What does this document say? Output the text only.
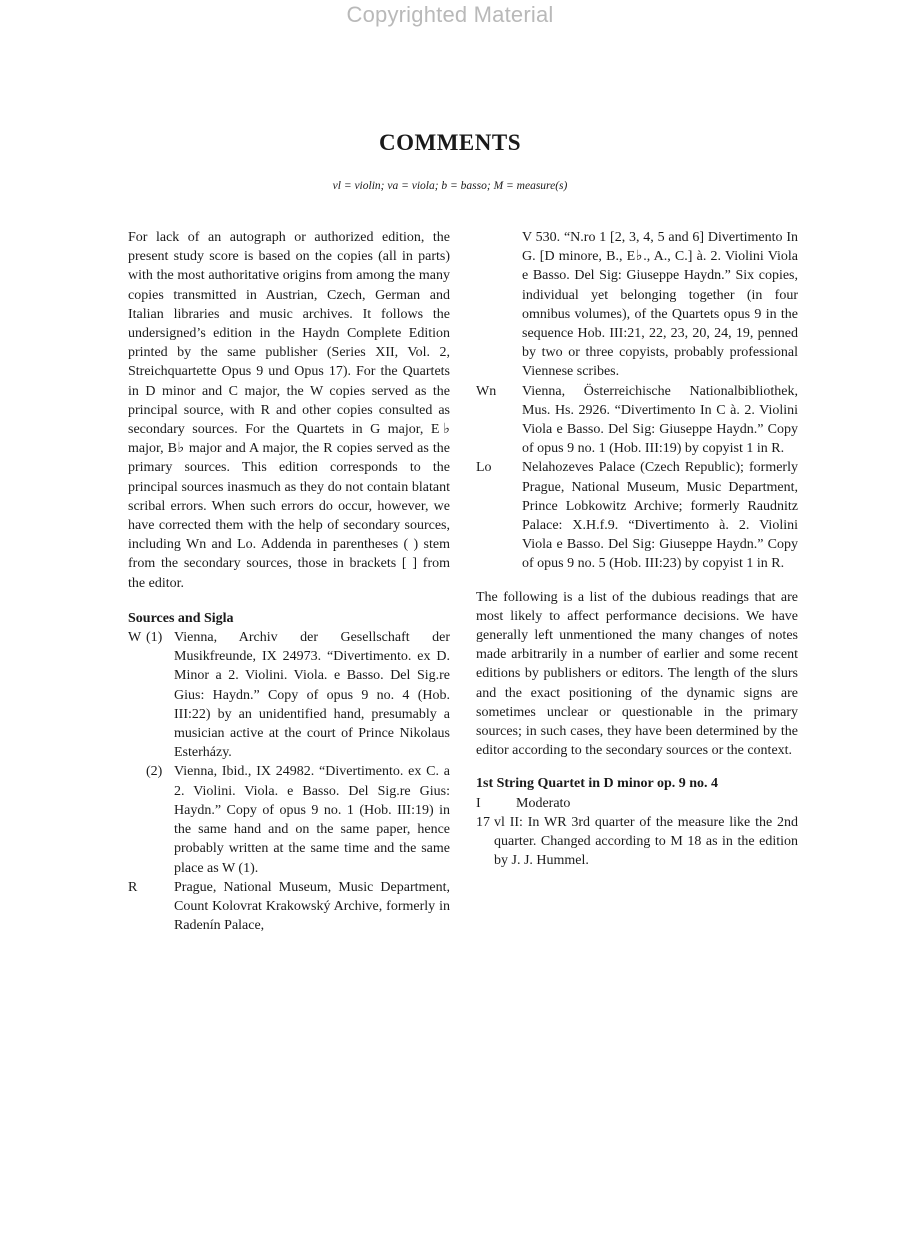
Copyrighted Material
COMMENTS
vl = violin; va = viola; b = basso; M = measure(s)

For lack of an autograph or authorized edition, the present study score is based on the copies (all in parts) with the most authoritative origins from among the many copies transmitted in Austrian, Czech, German and Italian libraries and music archives. It follows the undersigned’s edition in the Haydn Complete Edition printed by the same publisher (Series XII, Vol. 2, Streichquartette Opus 9 und Opus 17). For the Quartets in D minor and C major, the W copies served as the principal source, with R and other copies consulted as secondary sources. For the Quartets in G major, E♭ major, B♭ major and A major, the R copies served as the primary sources. This edition corresponds to the principal sources inasmuch as they do not contain blatant scribal errors. When such errors do occur, however, we have corrected them with the help of secondary sources, including Wn and Lo. Addenda in parentheses ( ) stem from the secondary sources, those in brackets [ ] from the editor.

Sources and Sigla

W (1) Vienna, Archiv der Gesellschaft der Musikfreunde, IX 24973. “Divertimento. ex D. Minor a 2. Violini. Viola. e Basso. Del Sig.re Gius: Haydn.” Copy of opus 9 no. 4 (Hob. III:22) by an unidentified hand, presumably a musician active at the court of Prince Nikolaus Esterházy.
(2) Vienna, Ibid., IX 24982. “Divertimento. ex C. a 2. Violini. Viola. e Basso. Del Sig.re Gius: Haydn.” Copy of opus 9 no. 1 (Hob. III:19) in the same hand and on the same paper, hence probably written at the same time and the same place as W (1).
R	Prague, National Museum, Music Department, Count Kolovrat Krakowský Archive, formerly in Radenín Palace,
V 530. “N.ro 1 [2, 3, 4, 5 and 6] Divertimento In G. [D minore, B., E♭., A., C.] à. 2. Violini Viola e Basso. Del Sig: Giuseppe Haydn.” Six copies, individual yet belonging together (in four omnibus volumes), of the Quartets opus 9 in the sequence Hob. III:21, 22, 23, 20, 24, 19, penned by two or three copyists, probably professional Viennese scribes.
Wn Vienna, Österreichische Nationalbibliothek, Mus. Hs. 2926. “Divertimento In C à. 2. Violini Viola e Basso. Del Sig: Giuseppe Haydn.” Copy of opus 9 no. 1 (Hob. III:19) by copyist 1 in R.
Lo Nelahozeves Palace (Czech Republic); formerly Prague, National Museum, Music Department, Prince Lobkowitz Archive; formerly Raudnitz Palace: X.H.f.9. “Divertimento à. 2. Violini Viola e Basso. Del Sig: Giuseppe Haydn.” Copy of opus 9 no. 5 (Hob. III:23) by copyist 1 in R.

The following is a list of the dubious readings that are most likely to affect performance decisions. We have generally left unmentioned the many changes of notes made arbitrarily in a number of earlier and some recent editions by publishers or editors. The length of the slurs and the exact positioning of the dynamic signs are sometimes unclear or questionable in the primary sources; in such cases, they have been determined by the editor according to the secondary sources or the context.

1st String Quartet in D minor op. 9 no. 4

I	Moderato
17 vl II: In WR 3rd quarter of the measure like the 2nd quarter. Changed according to M 18 as in the edition by J. J. Hummel.
